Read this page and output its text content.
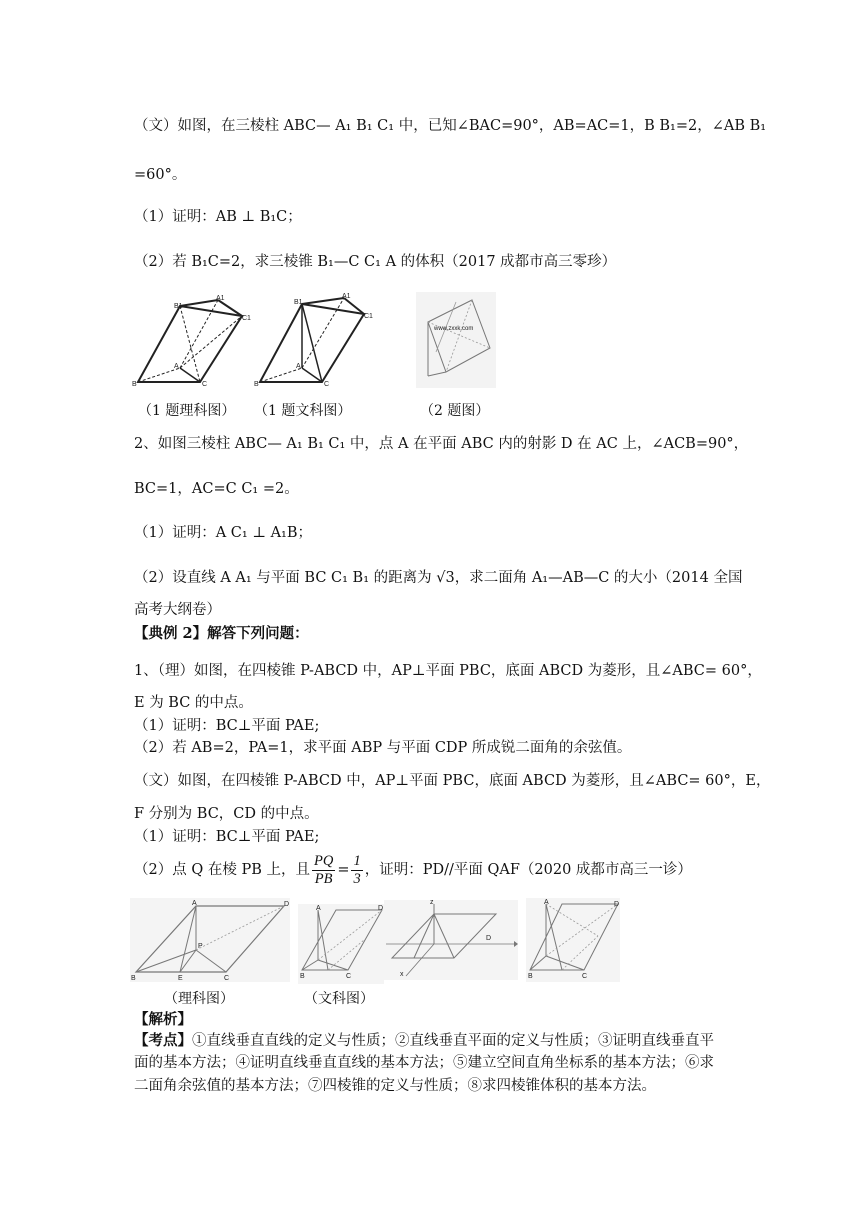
（文）如图，在三棱柱 ABC— A₁ B₁ C₁ 中，已知∠BAC=90°，AB=AC=1，B B₁=2，∠AB B₁
=60°。
（1）证明：AB ⊥ B₁C；
（2）若 B₁C=2，求三棱锥 B₁—C C₁ A 的体积（2017 成都市高三零珍）
B	C
A
B1
A1
C1
B	C
A
B1
A1
C1
www.zxxk.com
（1 题理科图） （1 题文科图）	（2 题图）
2、如图三棱柱 ABC— A₁ B₁ C₁ 中，点 A 在平面 ABC 内的射影 D 在 AC 上，∠ACB=90°，
BC=1，AC=C C₁ =2。
（1）证明：A C₁ ⊥ A₁B；
（2）设直线 A A₁ 与平面 BC C₁ B₁ 的距离为 √3，求二面角 A₁—AB—C 的大小（2014 全国
高考大纲卷）
【典例 2】解答下列问题：
1、（理）如图，在四棱锥 P-ABCD 中，AP⊥平面 PBC，底面 ABCD 为菱形，且∠ABC= 60°，
E 为 BC 的中点。
（1）证明：BC⊥平面 PAE;
（2）若 AB=2，PA=1，求平面 ABP 与平面 CDP 所成锐二面角的余弦值。
（文）如图，在四棱锥 P-ABCD 中，AP⊥平面 PBC，底面 ABCD 为菱形，且∠ABC= 60°，E，
F 分别为 BC，CD 的中点。
（1）证明：BC⊥平面 PAE;
（2）点 Q 在棱 PB 上，且 $\frac{PQ}{PB} = \frac{1}{3}$ ，证明：PD//平面 QAF（2020 成都市高三一诊）
B	E	C
A	D
P
A	D
C
B
z
D
x
A	D
B	C
（理科图）	（文科图）
【解析】
【考点】①直线垂直直线的定义与性质；②直线垂直平面的定义与性质；③证明直线垂直平
面的基本方法；④证明直线垂直直线的基本方法；⑤建立空间直角坐标系的基本方法；⑥求
二面角余弦值的基本方法；⑦四棱锥的定义与性质；⑧求四棱锥体积的基本方法。
